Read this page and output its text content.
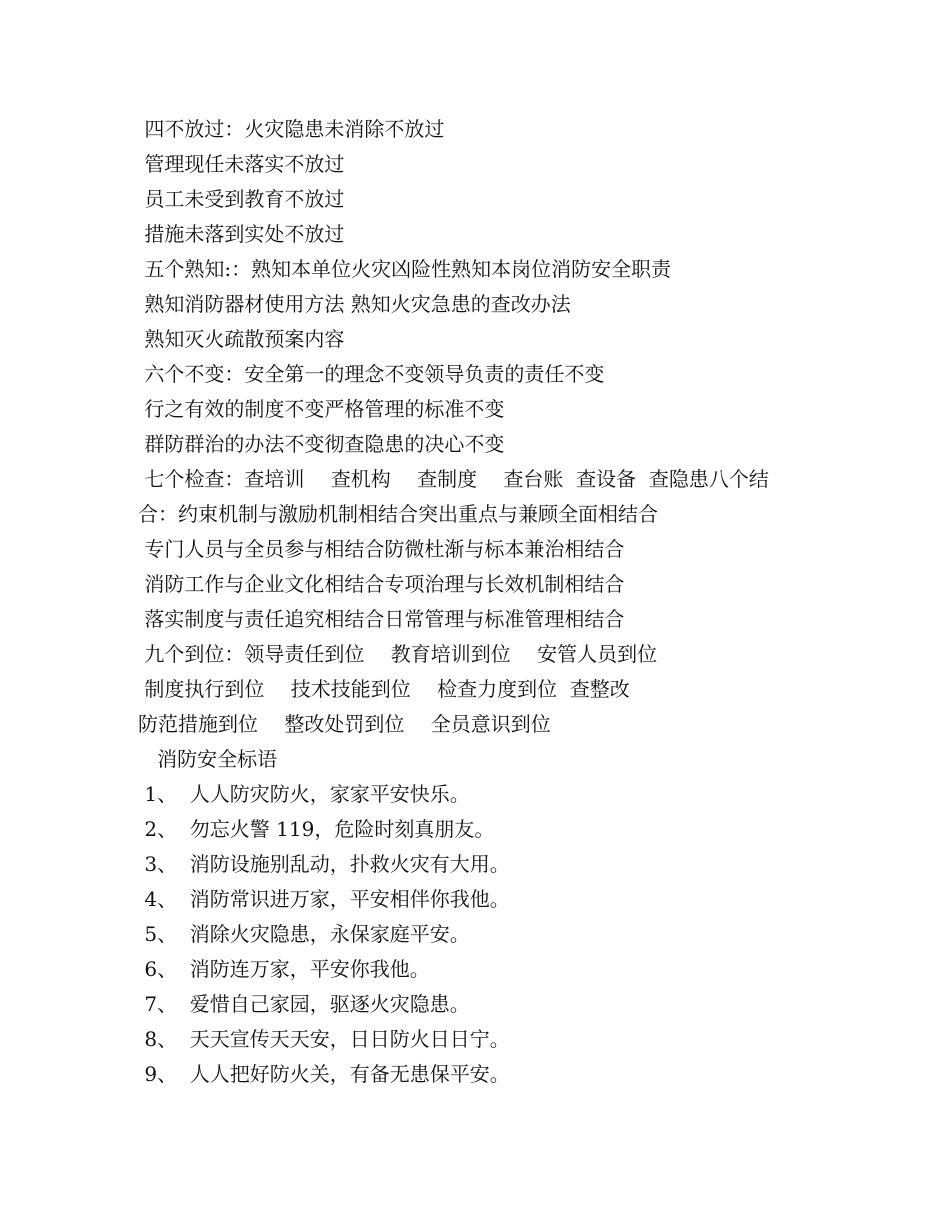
四不放过：火灾隐患未消除不放过
管理现任未落实不放过
员工未受到教育不放过
措施未落到实处不放过
五个熟知:：熟知本单位火灾凶险性熟知本岗位消防安全职责
熟知消防器材使用方法 熟知火灾急患的查改办法
熟知灭火疏散预案内容
六个不变：安全第一的理念不变领导负责的责任不变
行之有效的制度不变严格管理的标准不变
群防群治的办法不变彻查隐患的决心不变
七个检查：查培训　 查机构　 查制度　 查台账  查设备  查隐患八个结
合：约束机制与激励机制相结合突出重点与兼顾全面相结合
专门人员与全员参与相结合防微杜渐与标本兼治相结合
消防工作与企业文化相结合专项治理与长效机制相结合
落实制度与责任追究相结合日常管理与标准管理相结合
九个到位：领导责任到位　 教育培训到位　 安管人员到位
制度执行到位　 技术技能到位　 检查力度到位  查整改
防范措施到位　 整改处罚到位　 全员意识到位
消防安全标语
1、  人人防灾防火，家家平安快乐。
2、  勿忘火警 119，危险时刻真朋友。
3、  消防设施别乱动，扑救火灾有大用。
4、  消防常识进万家，平安相伴你我他。
5、  消除火灾隐患，永保家庭平安。
6、  消防连万家，平安你我他。
7、  爱惜自己家园，驱逐火灾隐患。
8、  天天宣传天天安，日日防火日日宁。
9、  人人把好防火关，有备无患保平安。
